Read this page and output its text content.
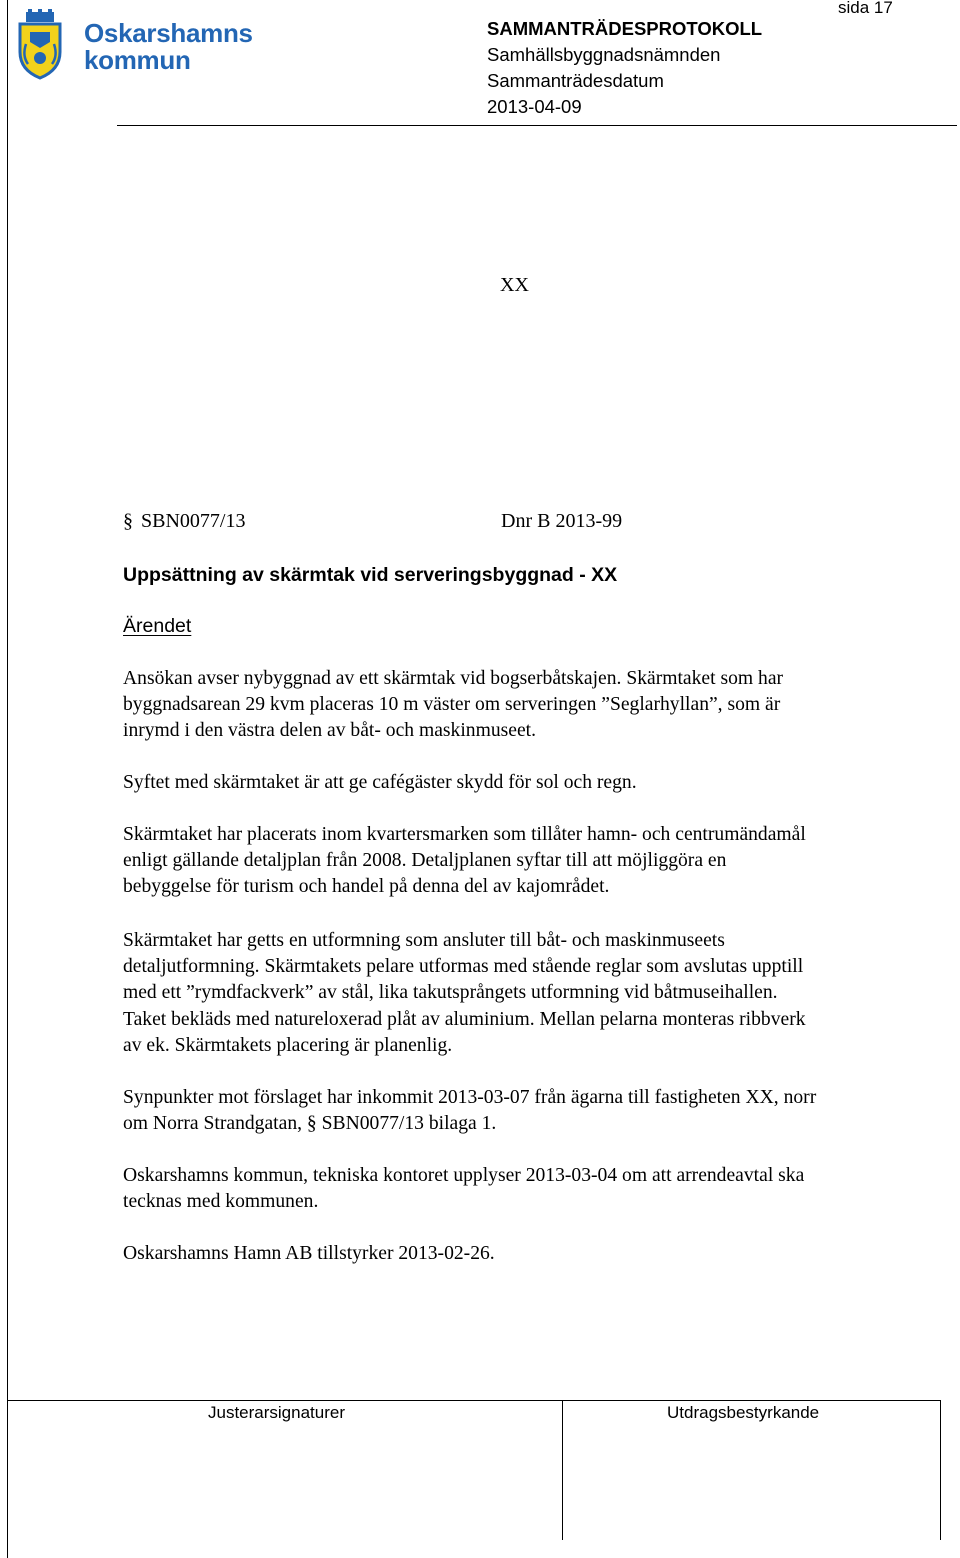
sida 17
Oskarshamns
kommun
SAMMANTRÄDESPROTOKOLL
Samhällsbyggnadsnämnden
Sammanträdesdatum
2013-04-09
XX
§ SBN0077/13	Dnr B 2013-99
Uppsättning av skärmtak vid serveringsbyggnad - XX
Ärendet

Ansökan avser nybyggnad av ett skärmtak vid bogserbåtskajen. Skärmtaket som har
byggnadsarean 29 kvm placeras 10 m väster om serveringen ”Seglarhyllan”, som är
inrymd i den västra delen av båt- och maskinmuseet.

Syftet med skärmtaket är att ge cafégäster skydd för sol och regn.

Skärmtaket har placerats inom kvartersmarken som tillåter hamn- och centrumändamål
enligt gällande detaljplan från 2008. Detaljplanen syftar till att möjliggöra en
bebyggelse för turism och handel på denna del av kajområdet.

Skärmtaket har getts en utformning som ansluter till båt- och maskinmuseets
detaljutformning. Skärmtakets pelare utformas med stående reglar som avslutas upptill
med ett ”rymdfackverk” av stål, lika takutsprångets utformning vid båtmuseihallen.
Taket bekläds med natureloxerad plåt av aluminium. Mellan pelarna monteras ribbverk
av ek. Skärmtakets placering är planenlig.

Synpunkter mot förslaget har inkommit 2013-03-07 från ägarna till fastigheten XX, norr
om Norra Strandgatan, § SBN0077/13 bilaga 1.

Oskarshamns kommun, tekniska kontoret upplyser 2013-03-04 om att arrendeavtal ska
tecknas med kommunen.

Oskarshamns Hamn AB tillstyrker 2013-02-26.

Justerarsignaturer	Utdragsbestyrkande
